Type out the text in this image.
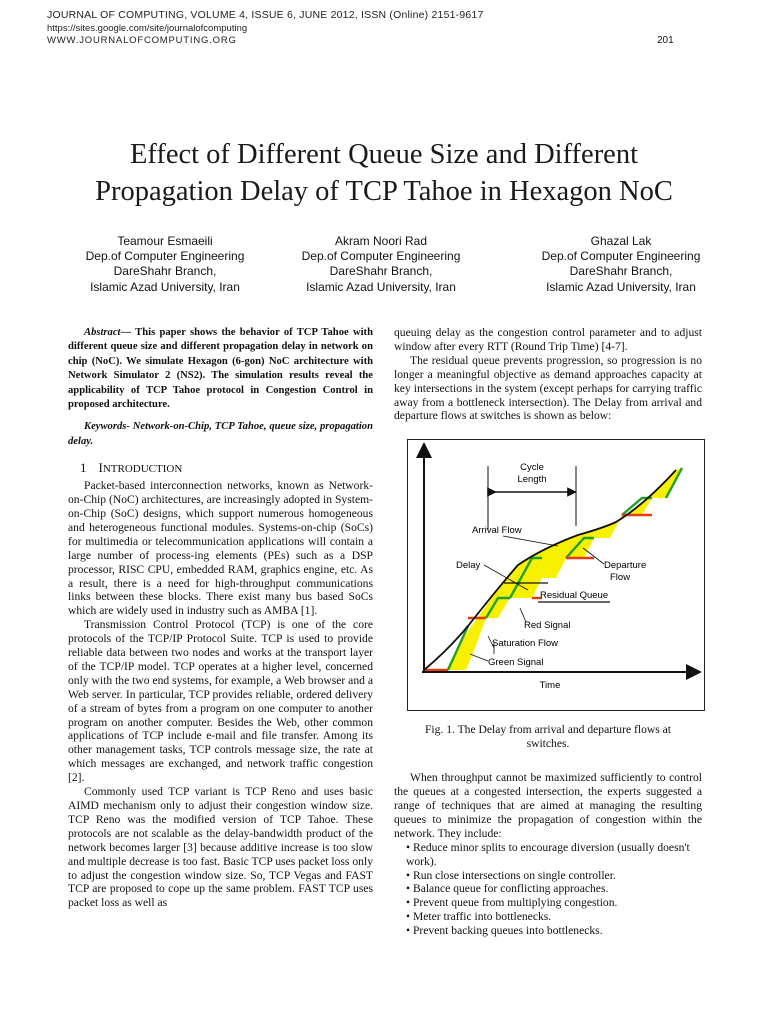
JOURNAL OF COMPUTING, VOLUME 4, ISSUE 6, JUNE 2012, ISSN (Online) 2151-9617
https://sites.google.com/site/journalofcomputing
WWW.JOURNALOFCOMPUTING.ORG	201
Effect of Different Queue Size and Different
Propagation Delay of TCP Tahoe in Hexagon NoC
Teamour Esmaeili
Dep.of Computer Engineering
DareShahr Branch,
Islamic Azad University, Iran
Akram Noori Rad
Dep.of Computer Engineering
DareShahr Branch,
Islamic Azad University, Iran
Ghazal Lak
Dep.of Computer Engineering
DareShahr Branch,
Islamic Azad University, Iran

Abstract— This paper shows the behavior of TCP Tahoe with different queue size and different propagation delay in network on chip (NoC). We simulate Hexagon (6-gon) NoC architecture with Network Simulator 2 (NS2). The simulation results reveal the applicability of TCP Tahoe protocol in Congestion Control in proposed architecture.

Keywords- Network-on-Chip, TCP Tahoe, queue size, propagation delay.

1 INTRODUCTION

Packet-based interconnection networks, known as Network-on-Chip (NoC) architectures, are increasingly adopted in System-on-Chip (SoC) designs, which support numerous homogeneous and heterogeneous functional modules. Systems-on-chip (SoCs) for multimedia or telecommunication applications will contain a large number of process-ing elements (PEs) such as a DSP processor, RISC CPU, embedded RAM, graphics engine, etc. As a result, there is a need for high-throughput communications links between these blocks. There exist many bus based SoCs which are widely used in industry such as AMBA [1].

Transmission Control Protocol (TCP) is one of the core protocols of the TCP/IP Protocol Suite. TCP is used to provide reliable data between two nodes and works at the transport layer of the TCP/IP model. TCP operates at a higher level, concerned only with the two end systems, for example, a Web browser and a Web server. In particular, TCP provides reliable, ordered delivery of a stream of bytes from a program on one computer to another program on another computer. Besides the Web, other common applications of TCP include e-mail and file transfer. Among its other management tasks, TCP controls message size, the rate at which messages are exchanged, and network traffic congestion [2].

Commonly used TCP variant is TCP Reno and uses basic AIMD mechanism only to adjust their congestion window size. TCP Reno was the modified version of TCP Tahoe. These protocols are not scalable as the delay-bandwidth product of the network becomes larger [3] because additive increase is too slow and multiple decrease is too fast. Basic TCP uses packet loss only to adjust the congestion window size. So, TCP Vegas and FAST TCP are proposed to cope up the same problem. FAST TCP uses packet loss as well as

queuing delay as the congestion control parameter and to adjust window after every RTT (Round Trip Time) [4-7].

The residual queue prevents progression, so progression is no longer a meaningful objective as demand approaches capacity at key intersections in the system (except perhaps for carrying traffic away from a bottleneck intersection). The Delay from arrival and departure flows at switches is shown as below:

Cycle
Length
Arrival Flow
Delay	Departure
Flow
Residual Queue
Red Signal
Saturation Flow
Green Signal
Time
Fig. 1. The Delay from arrival and departure flows at
switches.

When throughput cannot be maximized sufficiently to control the queues at a congested intersection, the experts suggested a range of techniques that are aimed at managing the resulting queues to minimize the propagation of congestion within the network. They include:

• Reduce minor splits to encourage diversion (usually doesn't work).

• Run close intersections on single controller.

• Balance queue for conflicting approaches.

• Prevent queue from multiplying congestion.

• Meter traffic into bottlenecks.

• Prevent backing queues into bottlenecks.
